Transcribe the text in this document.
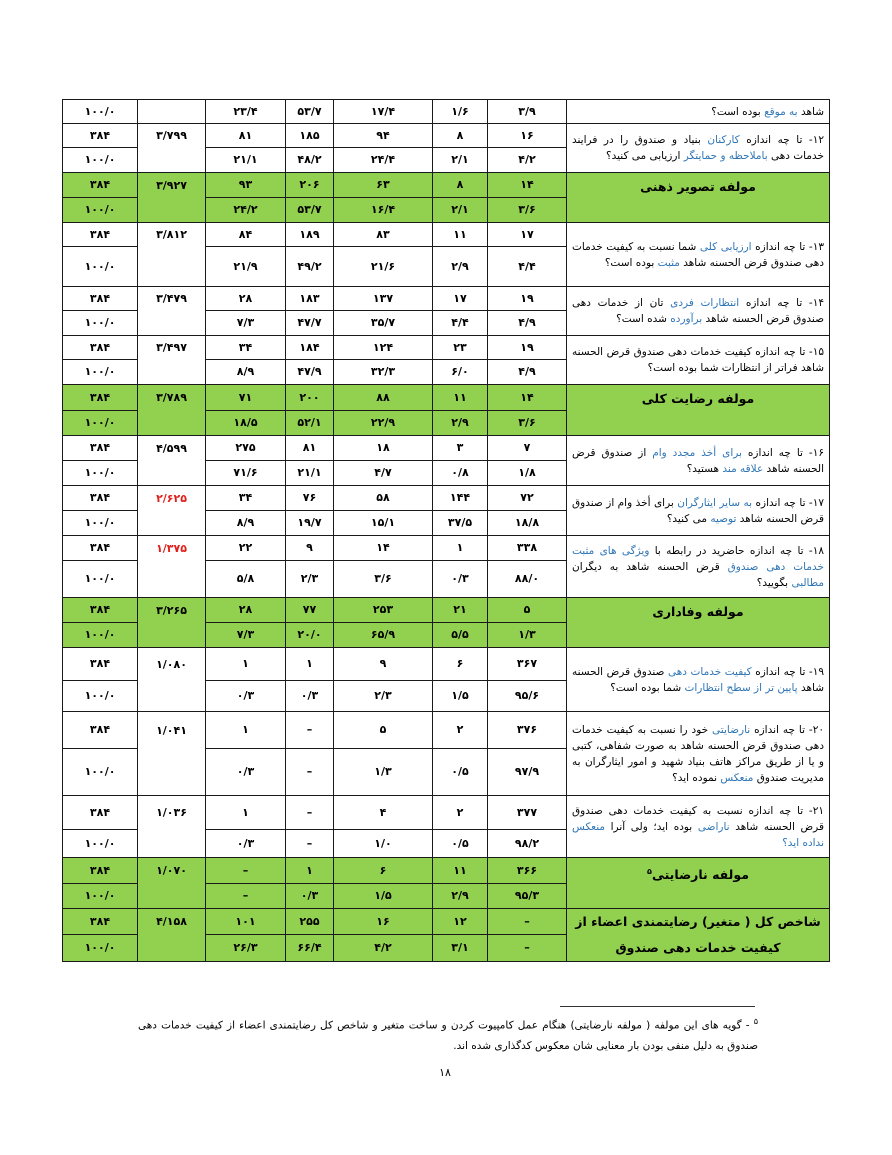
۱۰۰/۰		۲۳/۴	۵۳/۷	۱۷/۴	۱/۶	۳/۹	شاهد به موقع بوده است؟
۳۸۴	۳/۷۹۹	۸۱	۱۸۵	۹۴	۸	۱۶	۱۲- تا چه اندازه کارکنان بنیاد و صندوق را در فرایند خدمات دهی باملاحظه و حمایتگر ارزیابی می کنید؟
۱۰۰/۰		۲۱/۱	۴۸/۲	۲۴/۴	۲/۱	۴/۲	
۳۸۴	۳/۹۲۷	۹۳	۲۰۶	۶۳	۸	۱۴	مولفه تصویر ذهنی
۱۰۰/۰		۲۴/۲	۵۳/۷	۱۶/۴	۲/۱	۳/۶	
۳۸۴	۳/۸۱۲	۸۴	۱۸۹	۸۳	۱۱	۱۷	۱۳- تا چه اندازه ارزیابی کلی شما نسبت به کیفیت خدمات دهی صندوق قرض الحسنه شاهد مثبت بوده است؟
۱۰۰/۰		۲۱/۹	۴۹/۲	۲۱/۶	۲/۹	۴/۴	
۳۸۴	۳/۴۷۹	۲۸	۱۸۳	۱۳۷	۱۷	۱۹	۱۴- تا چه اندازه انتظارات فردی تان از خدمات دهی صندوق قرض الحسنه شاهد برآورده شده است؟
۱۰۰/۰		۷/۳	۴۷/۷	۳۵/۷	۴/۴	۴/۹	
۳۸۴	۳/۴۹۷	۳۴	۱۸۴	۱۲۴	۲۳	۱۹	۱۵- تا چه اندازه کیفیت خدمات دهی صندوق قرض الحسنه شاهد فراتر از انتظارات شما بوده است؟
۱۰۰/۰		۸/۹	۴۷/۹	۳۲/۳	۶/۰	۴/۹	
۳۸۴	۳/۷۸۹	۷۱	۲۰۰	۸۸	۱۱	۱۴	مولفه رضایت کلی
۱۰۰/۰		۱۸/۵	۵۲/۱	۲۲/۹	۲/۹	۳/۶	
۳۸۴	۴/۵۹۹	۲۷۵	۸۱	۱۸	۳	۷	۱۶- تا چه اندازه برای أخذ مجدد وام از صندوق قرض الحسنه شاهد علاقه مند هستید؟
۱۰۰/۰		۷۱/۶	۲۱/۱	۴/۷	۰/۸	۱/۸	
۳۸۴	۲/۶۲۵	۳۴	۷۶	۵۸	۱۴۴	۷۲	۱۷- تا چه اندازه به سایر ایثارگران برای أخذ وام از صندوق قرض الحسنه شاهد توصیه می کنید؟
۱۰۰/۰		۸/۹	۱۹/۷	۱۵/۱	۳۷/۵	۱۸/۸	
۳۸۴	۱/۳۷۵	۲۲	۹	۱۴	۱	۳۳۸	۱۸- تا چه اندازه حاضرید در رابطه با ویژگی های مثبت خدمات دهی صندوق قرض الحسنه شاهد به دیگران مطالبی بگویید؟
۱۰۰/۰		۵/۸	۲/۳	۳/۶	۰/۳	۸۸/۰	
۳۸۴	۳/۲۶۵	۲۸	۷۷	۲۵۳	۲۱	۵	مولفه وفاداری
۱۰۰/۰		۷/۳	۲۰/۰	۶۵/۹	۵/۵	۱/۳	
۳۸۴	۱/۰۸۰	۱	۱	۹	۶	۳۶۷	۱۹- تا چه اندازه کیفیت خدمات دهی صندوق قرض الحسنه شاهد پایین تر از سطح انتظارات شما بوده است؟
۱۰۰/۰		۰/۳	۰/۳	۲/۳	۱/۵	۹۵/۶	
۳۸۴	۱/۰۴۱	۱	–	۵	۲	۳۷۶	۲۰- تا چه اندازه نارضایتی خود را نسبت به کیفیت خدمات دهی صندوق قرض الحسنه شاهد به صورت شفاهی، کتبی و یا از طریق مراکز هاتف بنیاد شهید و امور ایثارگران به مدیریت صندوق منعکس نموده اید؟
۱۰۰/۰		۰/۳	–	۱/۳	۰/۵	۹۷/۹	
۳۸۴	۱/۰۳۶	۱	–	۴	۲	۳۷۷	۲۱- تا چه اندازه نسبت به کیفیت خدمات دهی صندوق قرض الحسنه شاهد ناراضی بوده اید؛ ولی آنرا منعکس نداده اید؟
۱۰۰/۰		۰/۳	–	۱/۰	۰/۵	۹۸/۲	
۳۸۴	۱/۰۷۰	–	۱	۶	۱۱	۳۶۶	مولفه نارضایتی$^۵$
۱۰۰/۰		–	۰/۳	۱/۵	۲/۹	۹۵/۳	
۳۸۴	۴/۱۵۸	۱۰۱	۲۵۵	۱۶	۱۲	–	شاخص کل ( متغیر) رضایتمندی اعضاء از کیفیت خدمات دهی صندوق
۱۰۰/۰		۲۶/۳	۶۶/۴	۴/۲	۳/۱	–	
$^۵$ - گویه های این مولفه ( مولفه نارضایتی) هنگام عمل کامپیوت کردن و ساخت متغیر و شاخص کل رضایتمندی اعضاء از کیفیت خدمات دهی صندوق به دلیل منفی بودن بار معنایی شان معکوس کدگذاری شده اند.
۱۸
